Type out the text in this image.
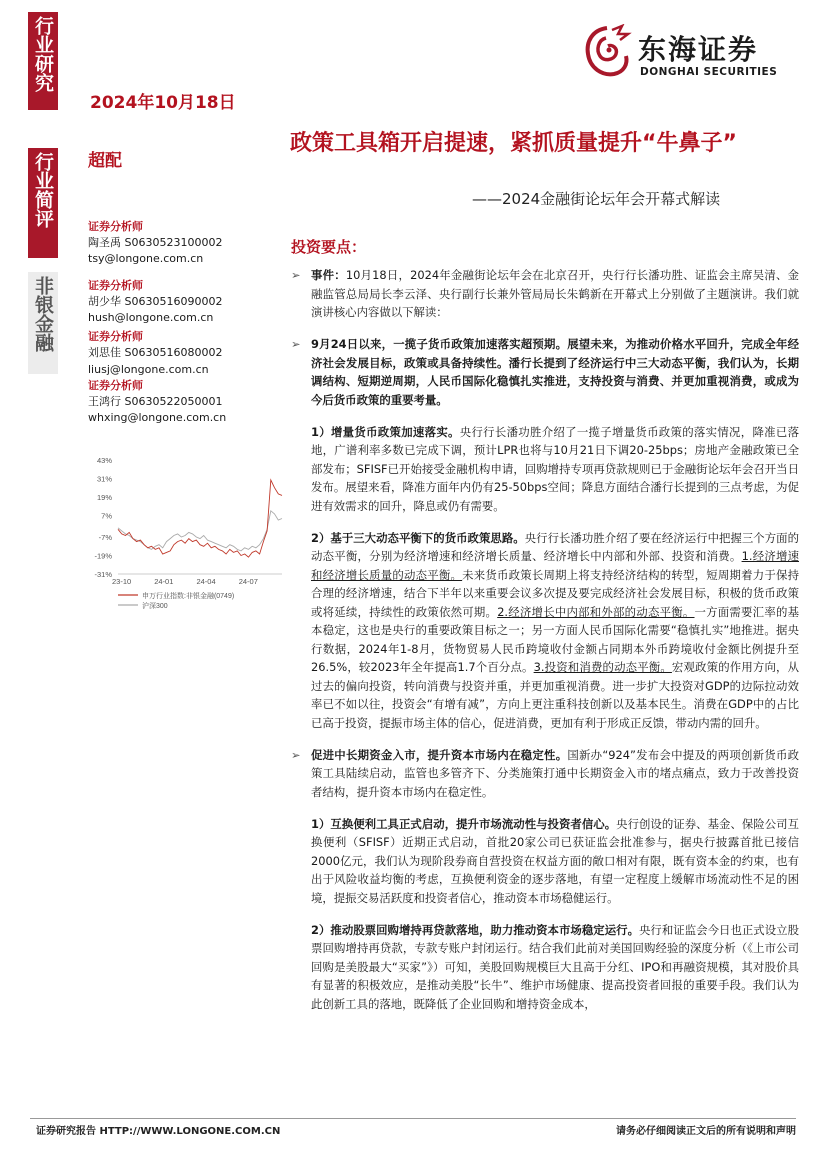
行业研究
行业简评
非银金融
2024年10月18日
东海证券
DONGHAI SECURITIES
超配
政策工具箱开启提速，紧抓质量提升“牛鼻子”
——2024金融街论坛年会开幕式解读
证券分析师
陶圣禹 S0630523100002
tsy@longone.com.cn
证券分析师
胡少华 S0630516090002
hush@longone.com.cn
证券分析师
刘思佳 S0630516080002
liusj@longone.com.cn
证券分析师
王鸿行 S0630522050001
whxing@longone.com.cn
43%
31%
19%
7%
-7%
-19%
-31%
23-10	24-01	24-04	24-07
申万行业指数:非银金融(0749)
沪深300
投资要点：
➢ 事件：10月18日，2024年金融街论坛年会在北京召开，央行行长潘功胜、证监会主席吴清、金融监管总局局长李云泽、央行副行长兼外管局局长朱鹤新在开幕式上分别做了主题演讲。我们就演讲核心内容做以下解读：
➢ 9月24日以来，一揽子货币政策加速落实超预期。展望未来，为推动价格水平回升，完成全年经济社会发展目标，政策或具备持续性。潘行长提到了经济运行中三大动态平衡，我们认为，长期调结构、短期逆周期，人民币国际化稳慎扎实推进，支持投资与消费、并更加重视消费，或成为今后货币政策的重要考量。
1）增量货币政策加速落实。央行行长潘功胜介绍了一揽子增量货币政策的落实情况，降准已落地，广谱利率多数已完成下调，预计LPR也将与10月21日下调20-25bps；房地产金融政策已全部发布；SFISF已开始接受金融机构申请，回购增持专项再贷款规则已于金融街论坛年会召开当日发布。展望来看，降准方面年内仍有25-50bps空间；降息方面结合潘行长提到的三点考虑，为促进有效需求的回升，降息或仍有需要。
2）基于三大动态平衡下的货币政策思路。央行行长潘功胜介绍了要在经济运行中把握三个方面的动态平衡，分别为经济增速和经济增长质量、经济增长中内部和外部、投资和消费。1.经济增速和经济增长质量的动态平衡。未来货币政策长周期上将支持经济结构的转型，短周期着力于保持合理的经济增速，结合下半年以来重要会议多次提及要完成经济社会发展目标，积极的货币政策或将延续，持续性的政策依然可期。2.经济增长中内部和外部的动态平衡。一方面需要汇率的基本稳定，这也是央行的重要政策目标之一；另一方面人民币国际化需要“稳慎扎实”地推进。据央行数据，2024年1-8月，货物贸易人民币跨境收付金额占同期本外币跨境收付金额比例提升至26.5%，较2023年全年提高1.7个百分点。3.投资和消费的动态平衡。宏观政策的作用方向，从过去的偏向投资，转向消费与投资并重，并更加重视消费。进一步扩大投资对GDP的边际拉动效率已不如以往，投资会“有增有减”，方向上更注重科技创新以及基本民生。消费在GDP中的占比已高于投资，提振市场主体的信心，促进消费，更加有利于形成正反馈，带动内需的回升。
➢ 促进中长期资金入市，提升资本市场内在稳定性。国新办“924”发布会中提及的两项创新货币政策工具陆续启动，监管也多管齐下、分类施策打通中长期资金入市的堵点痛点，致力于改善投资者结构，提升资本市场内在稳定性。
1）互换便利工具正式启动，提升市场流动性与投资者信心。央行创设的证券、基金、保险公司互换便利（SFISF）近期正式启动，首批20家公司已获证监会批准参与，据央行披露首批已接信2000亿元，我们认为现阶段券商自营投资在权益方面的敞口相对有限，既有资本金的约束，也有出于风险收益均衡的考虑，互换便利资金的逐步落地，有望一定程度上缓解市场流动性不足的困境，提振交易活跃度和投资者信心，推动资本市场稳健运行。
2）推动股票回购增持再贷款落地，助力推动资本市场稳定运行。央行和证监会今日也正式设立股票回购增持再贷款，专款专账户封闭运行。结合我们此前对美国回购经验的深度分析（《上市公司回购是美股最大“买家”》）可知，美股回购规模巨大且高于分红、IPO和再融资规模，其对股价具有显著的积极效应，是推动美股“长牛”、维护市场健康、提高投资者回报的重要手段。我们认为此创新工具的落地，既降低了企业回购和增持资金成本，
证券研究报告 HTTP://WWW.LONGONE.COM.CN	请务必仔细阅读正文后的所有说明和声明
